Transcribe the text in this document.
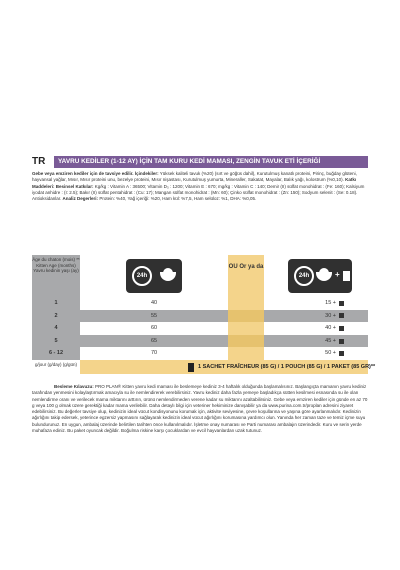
TR	YAVRU KEDİLER (1-12 AY) İÇİN TAM KURU KEDİ MAMASI, ZENGİN TAVUK ETİ İÇERİĞİ
Gebe veya emziren kediler için de tavsiye edilir. İçindekiler: Yüksek kaliteli tavuk (%20) (sırt ve göğüs dahil), Kurutulmuş kanatlı proteini, Pirinç, buğday glüteni, hayvansal yağlar, Mısır, Mısır proteini unu, bezelye proteini, Mısır nişastası, Kurutulmuş yumurta, Mineraller, Sakatat, Mayalar, Balık yağı, kolostrum (%0,10). Katkı Maddeleri: Besinsel Katkılar: Kg/kg : Vitamin A : 36500; Vitamin D₃ : 1200; Vitamin E : 670; mg/kg : Vitamin C : 140; Demir (II) sülfat monohidrat : (Fe: 160); Kalsiyum iyodat anhidre : (I: 2.5); Bakır (II) sülfat pentahidrat : (Cu: 17); Mangan sülfat monohidrat : (Mn: 60); Çinko sülfat monohidrat : (Zn: 150); Sodyum selenit : (Se: 0.18). Antioksidanlar. Analiz Degerleri: Protein: %40, Yağ içeriği: %20, Ham kül: %7,5, Ham selüloz: %1, DHA: %0,05.
Âge du chaton (mois) ** Kitten Age (months) Yavru kedinin yaşı (ay)
24h
OU Or ya da
24h	+
1	40	15 +
2	55	30 +
4	60	40 +
5	65	45 +
6 - 12	70	50 +
g/jour (g/day) (g/gün)	1 SACHET FRAÎCHEUR (85 G) / 1 POUCH (85 G) / 1 PAKET (85 GR)**
Besleme Kılavuzu: PRO PLAN® Kitten yavru kedi maması ile beslemeye kediniz 3-4 haftalık olduğunda başlamalısınız. Başlangıçta mamanın yavru kediniz tarafından yenmesini kolaylaştırmak amacıyla su ile nemlendirerek verebilirsiniz. Yavru kediniz daha fazla yemeye başladıkça sütten kesilmesi esnasında su ile olan nemlendirme oranı ve verilecek mama miktarını arttırın, ürünü nemlendirmeden verene kadar su miktarını azaltabilirsiniz. Gebe veya emziren kediler için günde en az 70 g veya 100 g olmak üzere gerektiği kadar mama verilebilir. Daha detaylı bilgi için veteriner hekiminize danışabilir ya da www.purina.com.tr/proplan adresini ziyaret edebilirsiniz. Bu değerler tavsiye olup, kedinizin ideal vücut kondisyonunu korumak için, aktivite seviyesine, çevre koşullarına ve yaşına göre ayarlanmalıdır. Kedinizin ağırlığını takip edersek, yeterince egzersiz yapmasını sağlayarak kedinizin ideal vücut ağırlığını korumasına yardımcı olun. Yanında her zaman taze ve temiz içme suyu bulundurunuz. En uygun, ambalaj üzerinde belirtilen tarihten önce kullanılmalıdır. İşletme onay numarası ve Parti numarası ambalajın üzerindedir. Kuru ve serin yerde muhafaza ediniz. Bu paket oyuncak değildir. Boğulma riskine karşı çocuklardan ve evcil hayvanlardan uzak tutunuz.
